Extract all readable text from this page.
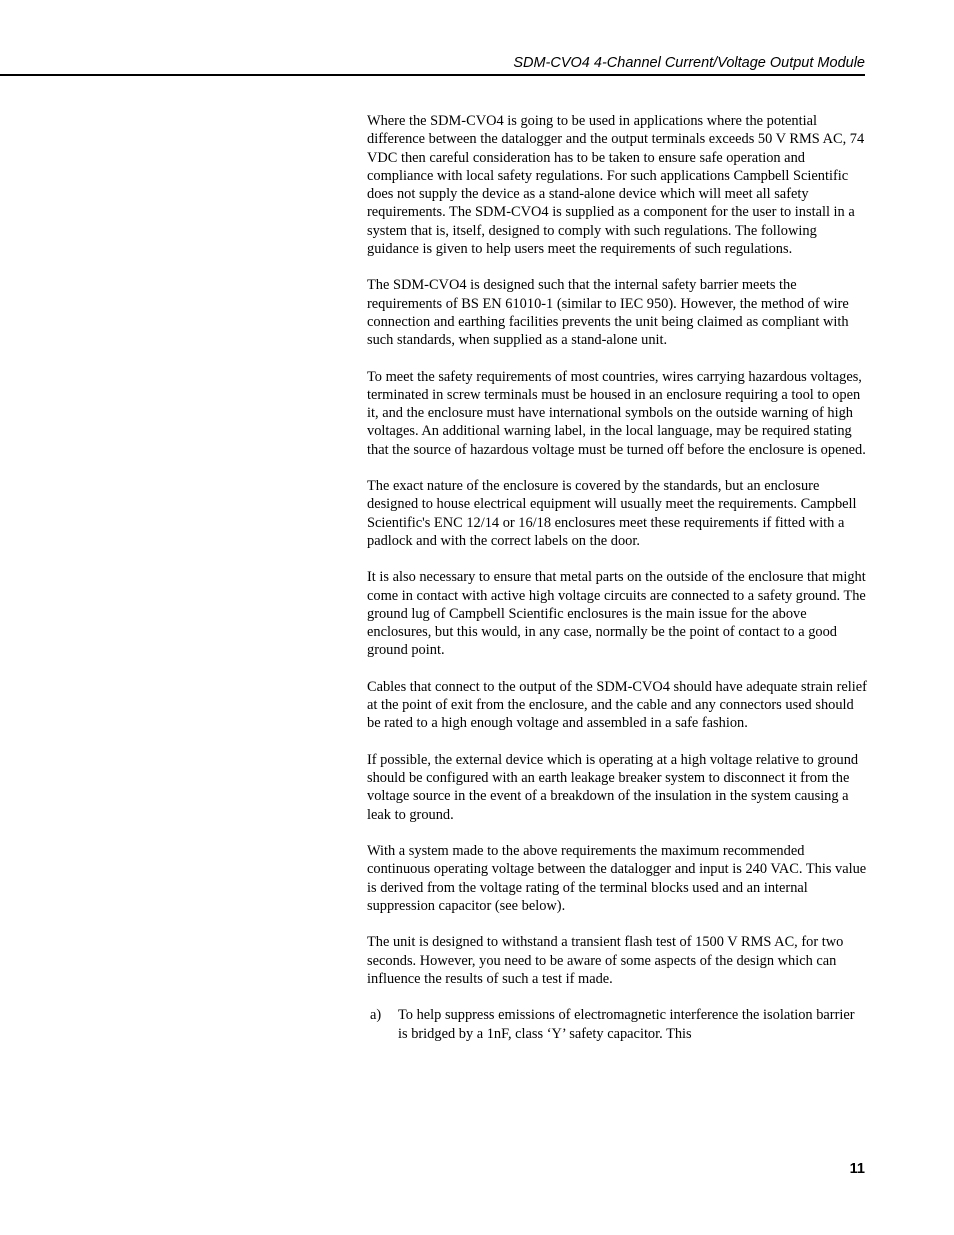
SDM-CVO4 4-Channel Current/Voltage Output Module

Where the SDM-CVO4 is going to be used in applications where the potential difference between the datalogger and the output terminals exceeds 50 V RMS AC, 74 VDC then careful consideration has to be taken to ensure safe operation and compliance with local safety regulations. For such applications Campbell Scientific does not supply the device as a stand-alone device which will meet all safety requirements. The SDM-CVO4 is supplied as a component for the user to install in a system that is, itself, designed to comply with such regulations. The following guidance is given to help users meet the requirements of such regulations.

The SDM-CVO4 is designed such that the internal safety barrier meets the requirements of BS EN 61010-1 (similar to IEC 950). However, the method of wire connection and earthing facilities prevents the unit being claimed as compliant with such standards, when supplied as a stand-alone unit.

To meet the safety requirements of most countries, wires carrying hazardous voltages, terminated in screw terminals must be housed in an enclosure requiring a tool to open it, and the enclosure must have international symbols on the outside warning of high voltages. An additional warning label, in the local language, may be required stating that the source of hazardous voltage must be turned off before the enclosure is opened.

The exact nature of the enclosure is covered by the standards, but an enclosure designed to house electrical equipment will usually meet the requirements. Campbell Scientific's ENC 12/14 or 16/18 enclosures meet these requirements if fitted with a padlock and with the correct labels on the door.

It is also necessary to ensure that metal parts on the outside of the enclosure that might come in contact with active high voltage circuits are connected to a safety ground. The ground lug of Campbell Scientific enclosures is the main issue for the above enclosures, but this would, in any case, normally be the point of contact to a good ground point.

Cables that connect to the output of the SDM-CVO4 should have adequate strain relief at the point of exit from the enclosure, and the cable and any connectors used should be rated to a high enough voltage and assembled in a safe fashion.

If possible, the external device which is operating at a high voltage relative to ground should be configured with an earth leakage breaker system to disconnect it from the voltage source in the event of a breakdown of the insulation in the system causing a leak to ground.

With a system made to the above requirements the maximum recommended continuous operating voltage between the datalogger and input is 240 VAC. This value is derived from the voltage rating of the terminal blocks used and an internal suppression capacitor (see below).

The unit is designed to withstand a transient flash test of 1500 V RMS AC, for two seconds. However, you need to be aware of some aspects of the design which can influence the results of such a test if made.

a) To help suppress emissions of electromagnetic interference the isolation barrier is bridged by a 1nF, class ‘Y’ safety capacitor. This
11
